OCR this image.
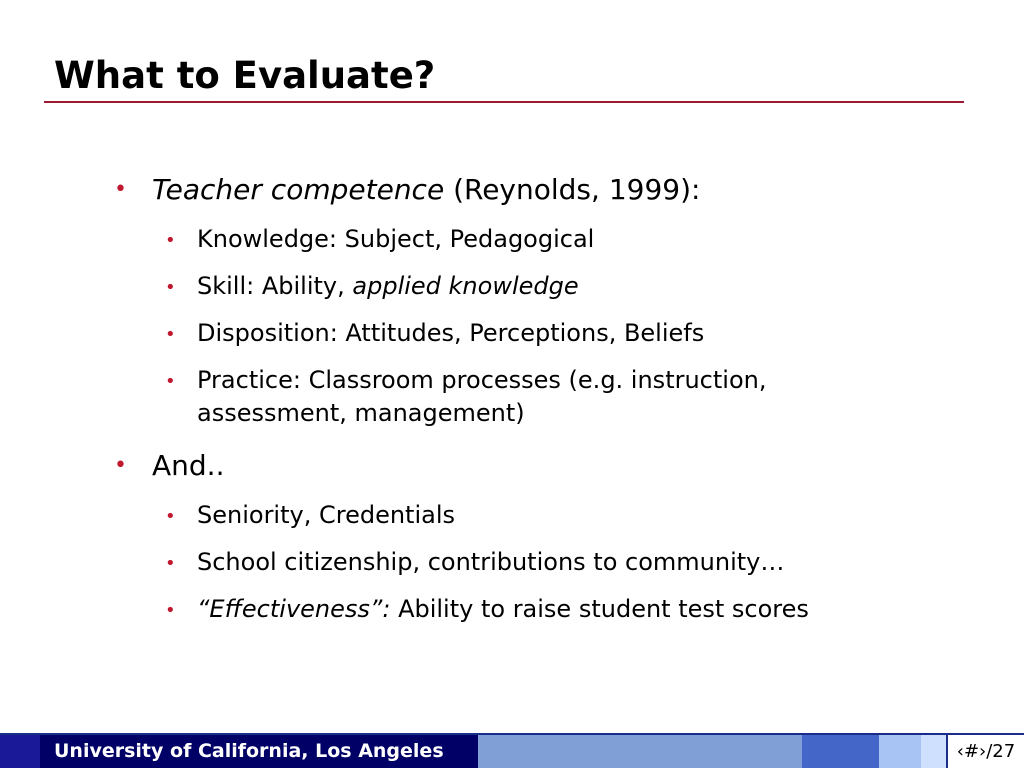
What to Evaluate?
• Teacher competence (Reynolds, 1999):
• Knowledge: Subject, Pedagogical
• Skill: Ability, applied knowledge
• Disposition: Attitudes, Perceptions, Beliefs
• Practice: Classroom processes (e.g. instruction,
assessment, management)
• And..
• Seniority, Credentials
• School citizenship, contributions to community…
• “Effectiveness”: Ability to raise student test scores
University of California, Los Angeles	‹#›/27
